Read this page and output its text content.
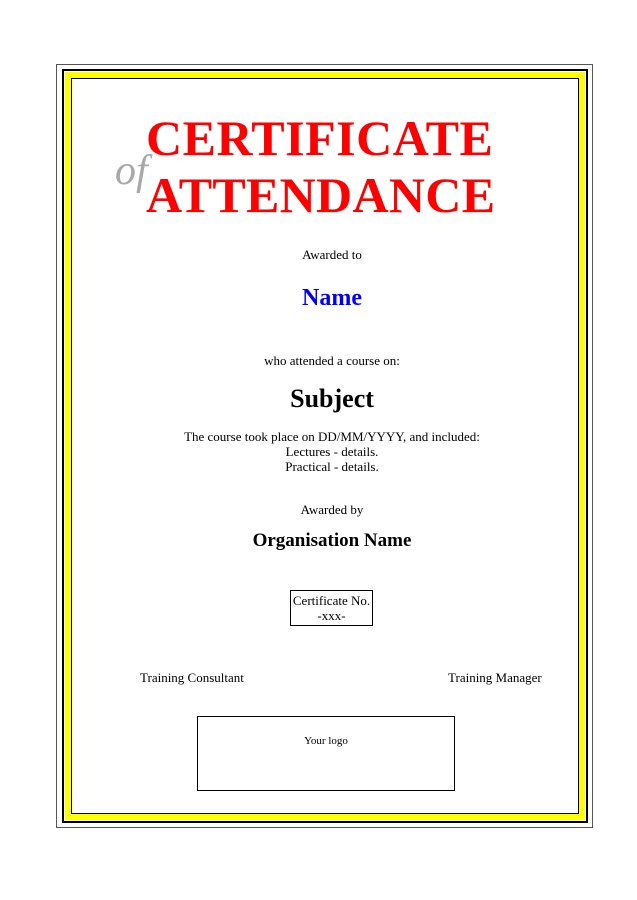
of
CERTIFICATE
ATTENDANCE
Awarded to
Name
who attended a course on:
Subject
The course took place on DD/MM/YYYY, and included:
Lectures - details.
Practical - details.
Awarded by
Organisation Name
Certificate No.
-xxx-
Training Consultant	Training Manager
Your logo
